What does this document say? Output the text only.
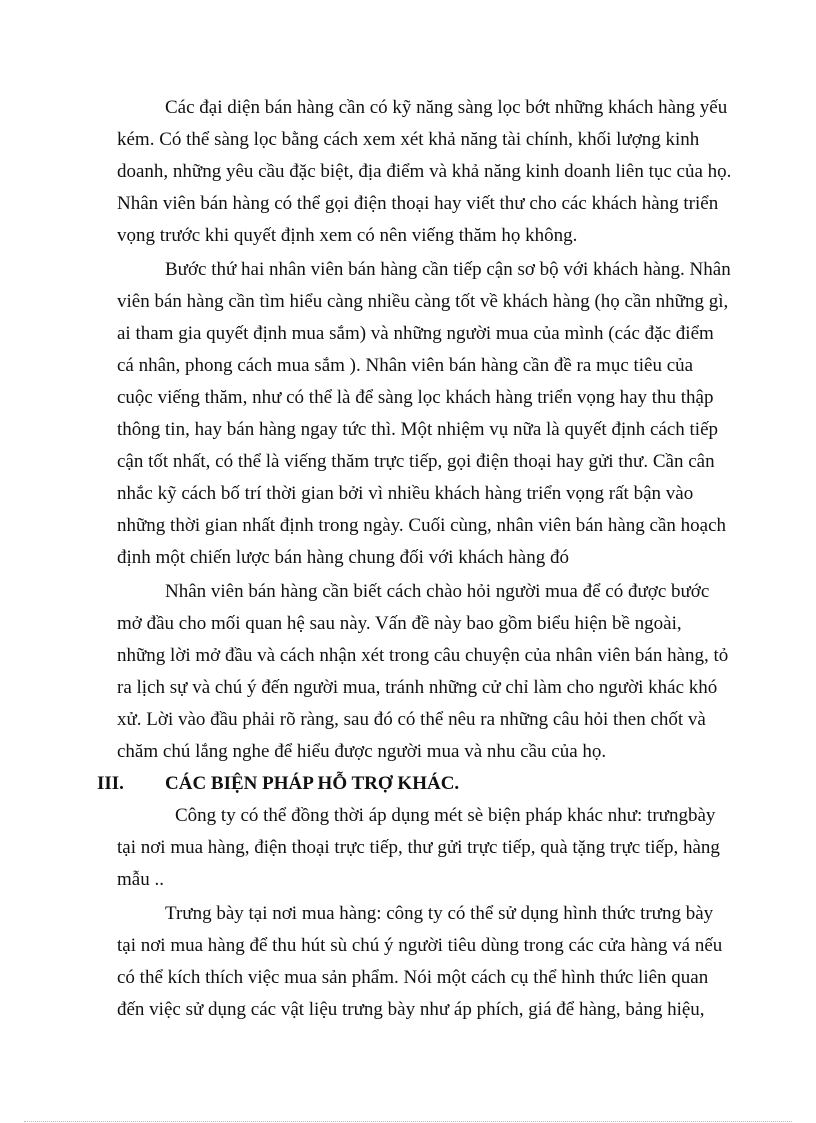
Các đại diện bán hàng cần có kỹ năng sàng lọc bớt những khách hàng yếu
kém. Có thể sàng lọc bằng cách xem xét khả năng tài chính, khối lượng kinh
doanh, những yêu cầu đặc biệt, địa điểm và khả năng kinh doanh liên tục của họ.
Nhân viên bán hàng có thể gọi điện thoại hay viết thư cho các khách hàng triển
vọng trước khi quyết định xem có nên viếng thăm họ không.
Bước thứ hai nhân viên bán hàng cần tiếp cận sơ bộ với khách hàng. Nhân
viên bán hàng cần tìm hiểu càng nhiều càng tốt về khách hàng (họ cần những gì,
ai tham gia quyết định mua sắm) và những người mua của mình (các đặc điểm
cá nhân, phong cách mua sắm ). Nhân viên bán hàng cần đề ra mục tiêu của
cuộc viếng thăm, như có thể là để sàng lọc khách hàng triển vọng hay thu thập
thông tin, hay bán hàng ngay tức thì. Một nhiệm vụ nữa là quyết định cách tiếp
cận tốt nhất, có thể là viếng thăm trực tiếp, gọi điện thoại hay gửi thư. Cần cân
nhắc kỹ cách bố trí thời gian bởi vì nhiều khách hàng triển vọng rất bận vào
những thời gian nhất định trong ngày. Cuối cùng, nhân viên bán hàng cần hoạch
định một chiến lược bán hàng chung đối với khách hàng đó
Nhân viên bán hàng cần biết cách chào hỏi người mua để có được bước
mở đầu cho mối quan hệ sau này. Vấn đề này bao gồm biểu hiện bề ngoài,
những lời mở đầu và cách nhận xét trong câu chuyện của nhân viên bán hàng, tỏ
ra lịch sự và chú ý đến người mua, tránh những cử chỉ làm cho người khác khó
xử. Lời vào đầu phải rõ ràng, sau đó có thể nêu ra những câu hỏi then chốt và
chăm chú lắng nghe để hiểu được người mua và nhu cầu của họ.
III. CÁC BIỆN PHÁP HỖ TRỢ KHÁC.
Công ty có thể đồng thời áp dụng mét sè biện pháp khác như: trưngbày
tại nơi mua hàng, điện thoại trực tiếp, thư gửi trực tiếp, quà tặng trực tiếp, hàng
mẫu ..
Trưng bày tại nơi mua hàng: công ty có thể sử dụng hình thức trưng bày
tại nơi mua hàng để thu hút sù chú ý người tiêu dùng trong các cửa hàng vá nếu
có thể kích thích việc mua sản phẩm. Nói một cách cụ thể hình thức liên quan
đến việc sử dụng các vật liệu trưng bày như áp phích, giá để hàng, bảng hiệu,
